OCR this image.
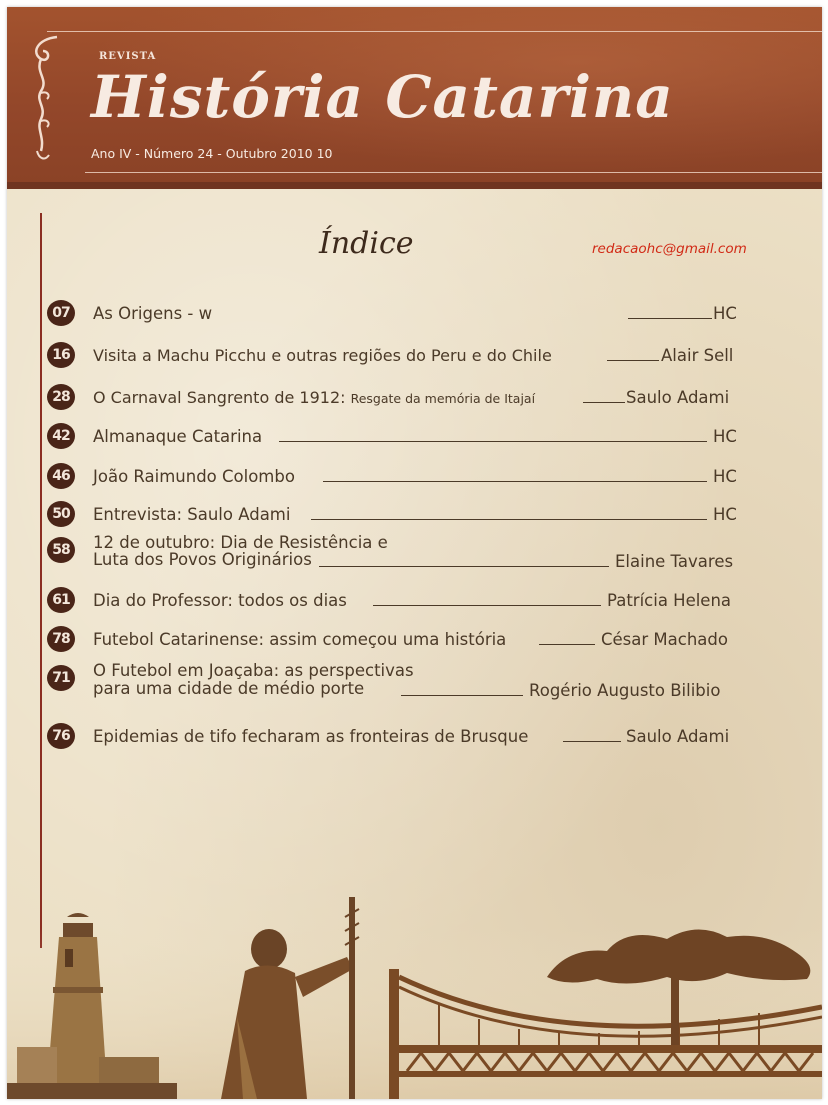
REVISTA
História Catarina
Ano IV - Número 24 - Outubro 2010 10
Índice	redacaohc@gmail.com
07	As Origens - w	HC
16	Visita a Machu Picchu e outras regiões do Peru e do Chile	Alair Sell
28	O Carnaval Sangrento de 1912: Resgate da memória de Itajaí	Saulo Adami
42	Almanaque Catarina	HC
46	João Raimundo Colombo	HC
50	Entrevista: Saulo Adami	HC
58	12 de outubro: Dia de Resistência e
Luta dos Povos Originários	Elaine Tavares
61	Dia do Professor: todos os dias	Patrícia Helena
78	Futebol Catarinense: assim começou uma história	César Machado
71	O Futebol em Joaçaba: as perspectivas
para uma cidade de médio porte	Rogério Augusto Bilibio
76	Epidemias de tifo fecharam as fronteiras de Brusque	Saulo Adami
